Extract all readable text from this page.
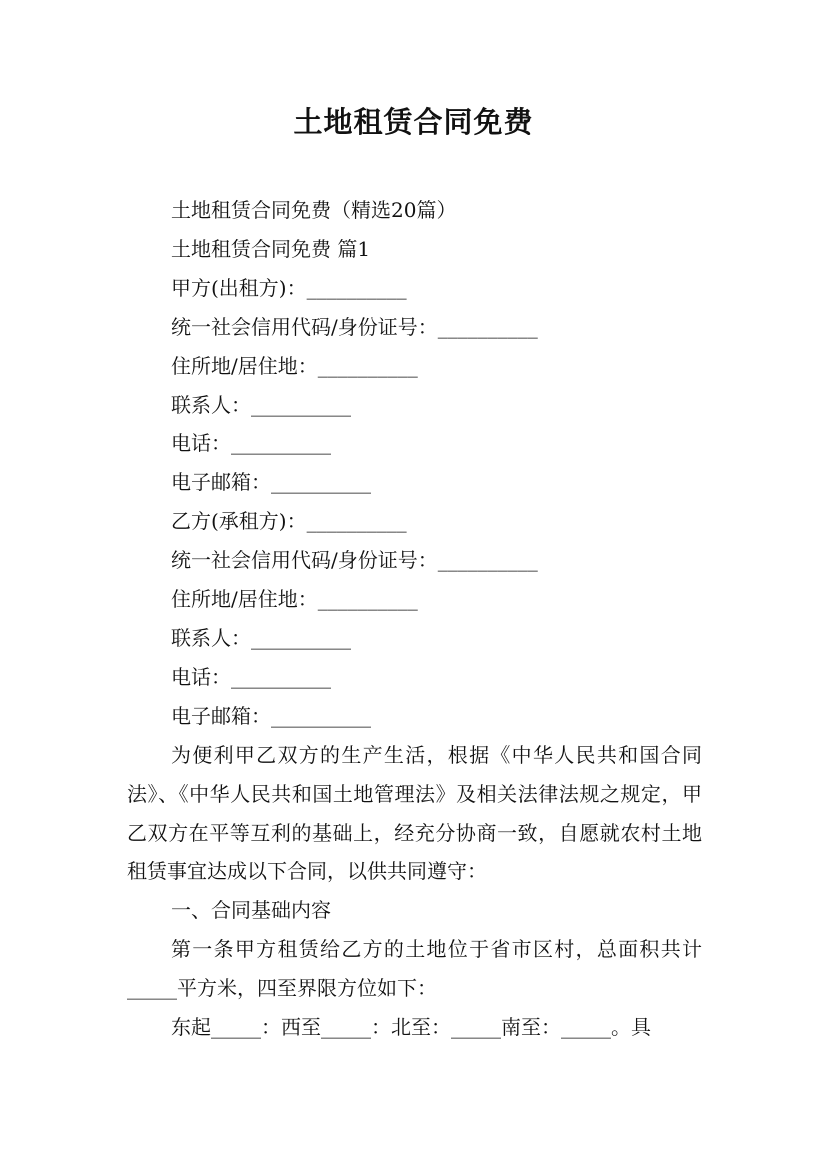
土地租赁合同免费

土地租赁合同免费（精选20篇）

土地租赁合同免费 篇1

甲方(出租方)：__________

统一社会信用代码/身份证号：__________

住所地/居住地：__________

联系人：__________

电话：__________

电子邮箱：__________

乙方(承租方)：__________

统一社会信用代码/身份证号：__________

住所地/居住地：__________

联系人：__________

电话：__________

电子邮箱：__________

为便利甲乙双方的生产生活，根据《中华人民共和国合同法》、《中华人民共和国土地管理法》及相关法律法规之规定，甲乙双方在平等互利的基础上，经充分协商一致，自愿就农村土地租赁事宜达成以下合同，以供共同遵守：

一、合同基础内容

第一条甲方租赁给乙方的土地位于省市区村，总面积共计_____平方米，四至界限方位如下：

东起_____：西至_____：北至：_____南至：_____。具
